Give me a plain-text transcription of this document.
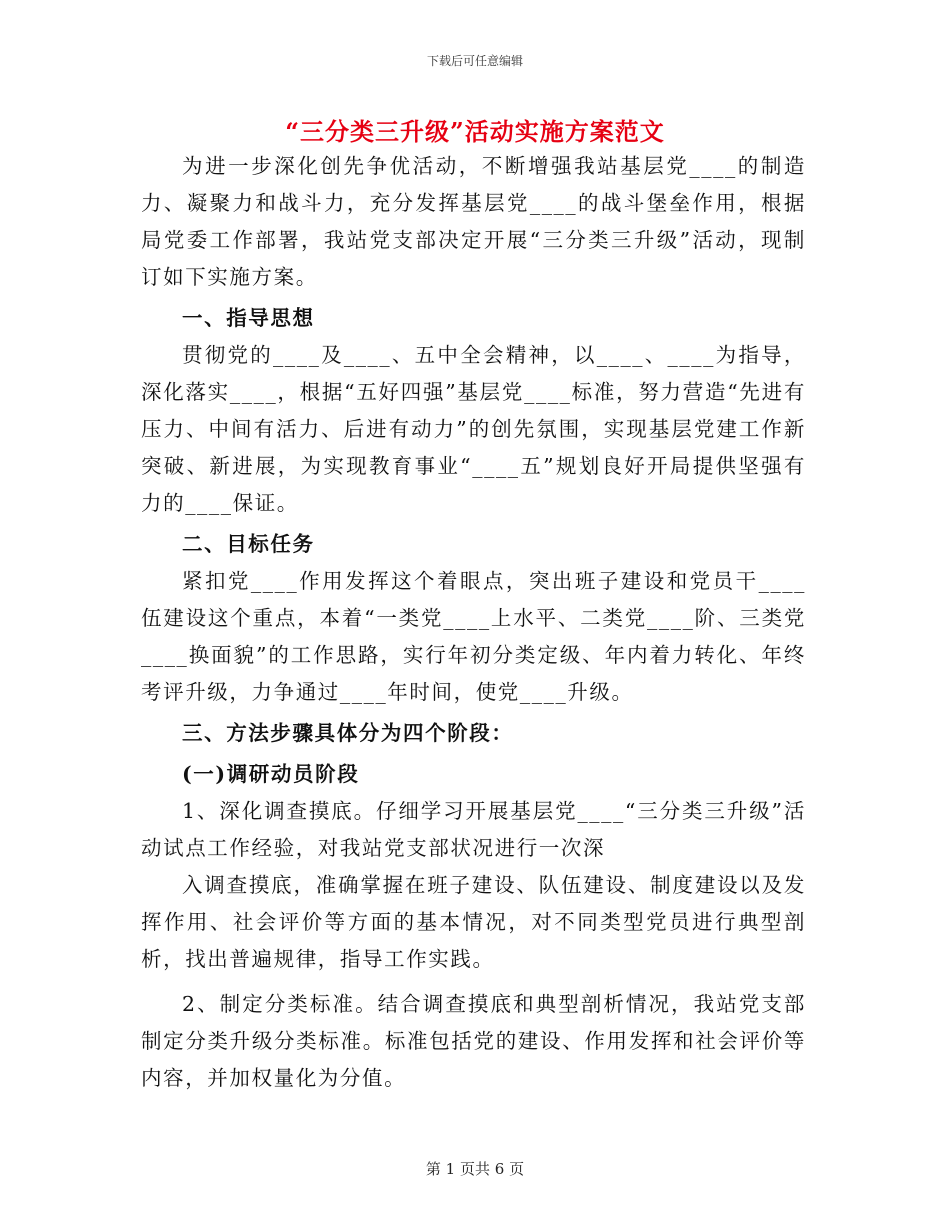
下载后可任意编辑
“三分类三升级”活动实施方案范文

为进一步深化创先争优活动，不断增强我站基层党____的制造力、凝聚力和战斗力，充分发挥基层党____的战斗堡垒作用，根据局党委工作部署，我站党支部决定开展“三分类三升级”活动，现制订如下实施方案。

一、指导思想

贯彻党的____及____、五中全会精神，以____、____为指导，深化落实____，根据“五好四强”基层党____标准，努力营造“先进有压力、中间有活力、后进有动力”的创先氛围，实现基层党建工作新突破、新进展，为实现教育事业“____五”规划良好开局提供坚强有力的____保证。

二、目标任务

紧扣党____作用发挥这个着眼点，突出班子建设和党员干____伍建设这个重点，本着“一类党____上水平、二类党____阶、三类党____换面貌”的工作思路，实行年初分类定级、年内着力转化、年终考评升级，力争通过____年时间，使党____升级。

三、方法步骤具体分为四个阶段：

(一)调研动员阶段

1、深化调查摸底。仔细学习开展基层党____“三分类三升级”活动试点工作经验，对我站党支部状况进行一次深

入调查摸底，准确掌握在班子建设、队伍建设、制度建设以及发挥作用、社会评价等方面的基本情况，对不同类型党员进行典型剖析，找出普遍规律，指导工作实践。

2、制定分类标准。结合调查摸底和典型剖析情况，我站党支部制定分类升级分类标准。标准包括党的建设、作用发挥和社会评价等内容，并加权量化为分值。

第 1 页共 6 页
